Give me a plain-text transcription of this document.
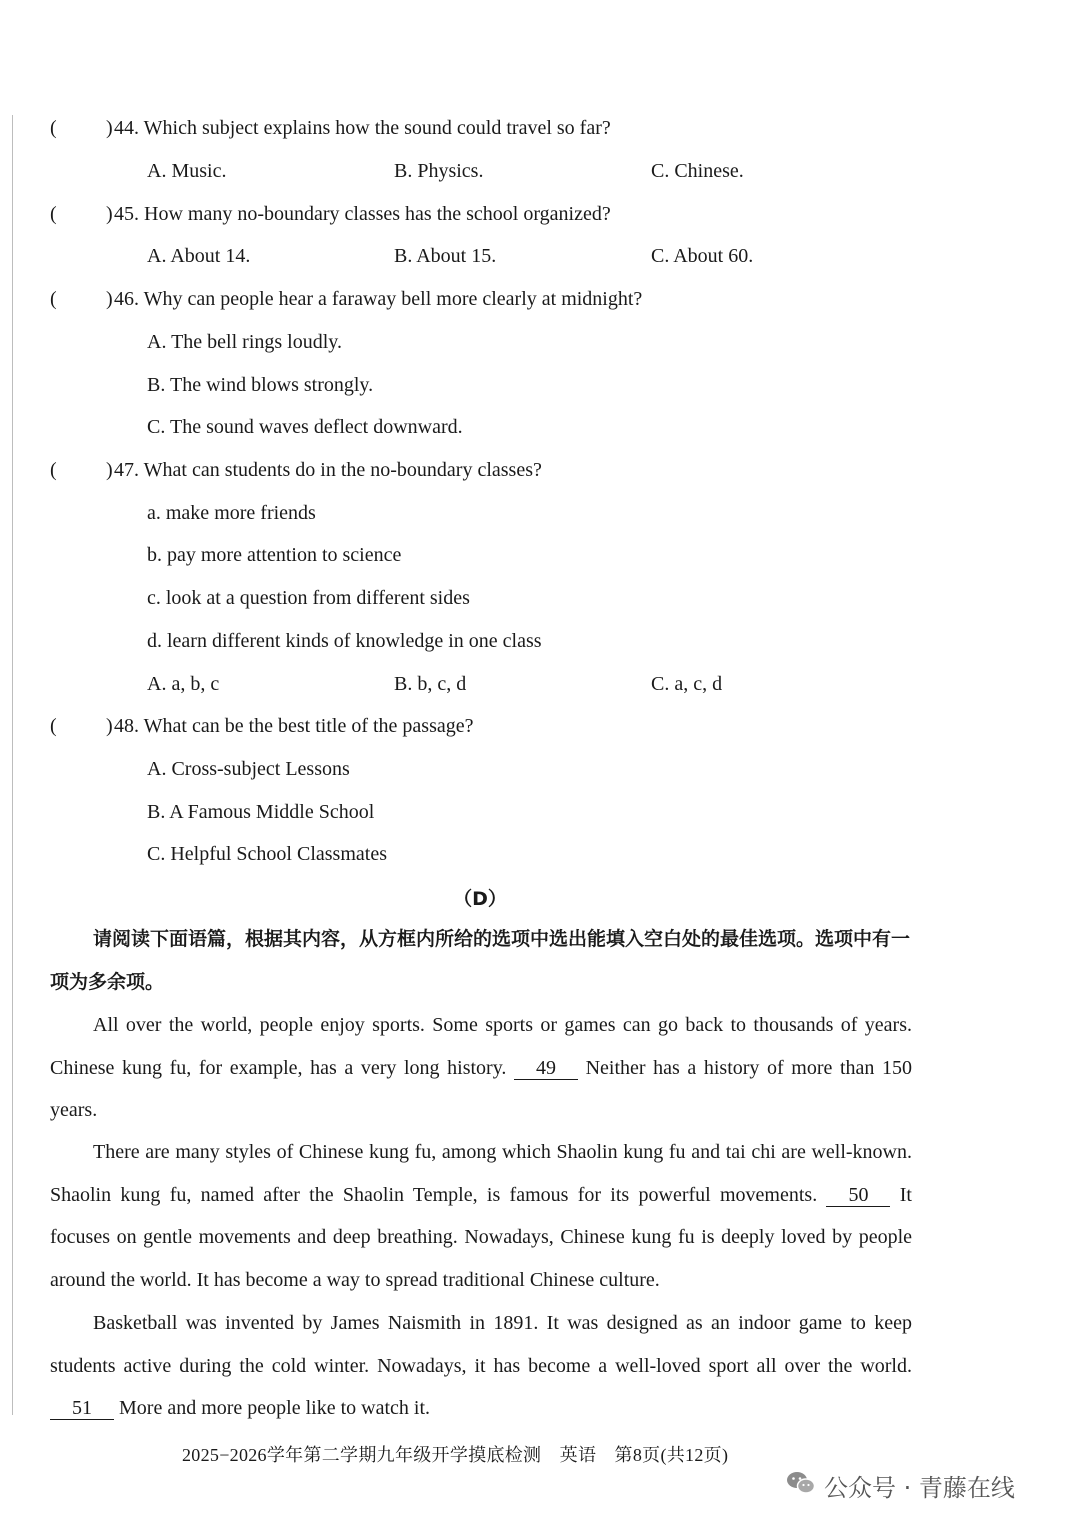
( ) 44. Which subject explains how the sound could travel so far?
A. Music.	B. Physics.	C. Chinese.
( ) 45. How many no-boundary classes has the school organized?
A. About 14.	B. About 15.	C. About 60.
( ) 46. Why can people hear a faraway bell more clearly at midnight?
A. The bell rings loudly.
B. The wind blows strongly.
C. The sound waves deflect downward.
( ) 47. What can students do in the no-boundary classes?
a. make more friends
b. pay more attention to science
c. look at a question from different sides
d. learn different kinds of knowledge in one class
A. a, b, c	B. b, c, d	C. a, c, d
( ) 48. What can be the best title of the passage?
A. Cross-subject Lessons
B. A Famous Middle School
C. Helpful School Classmates
（D）

请阅读下面语篇，根据其内容，从方框内所给的选项中选出能填入空白处的最佳选项。选项中有一项为多余项。

All over the world, people enjoy sports. Some sports or games can go back to thousands of years. Chinese kung fu, for example, has a very long history. 49 Neither has a history of more than 150 years.

There are many styles of Chinese kung fu, among which Shaolin kung fu and tai chi are well-known. Shaolin kung fu, named after the Shaolin Temple, is famous for its powerful movements. 50 It focuses on gentle movements and deep breathing. Nowadays, Chinese kung fu is deeply loved by people around the world. It has become a way to spread traditional Chinese culture.

Basketball was invented by James Naismith in 1891. It was designed as an indoor game to keep students active during the cold winter. Nowadays, it has become a well-loved sport all over the world. 51 More and more people like to watch it.

2025−2026学年第二学期九年级开学摸底检测　英语　第8页(共12页)
公众号 · 青藤在线
